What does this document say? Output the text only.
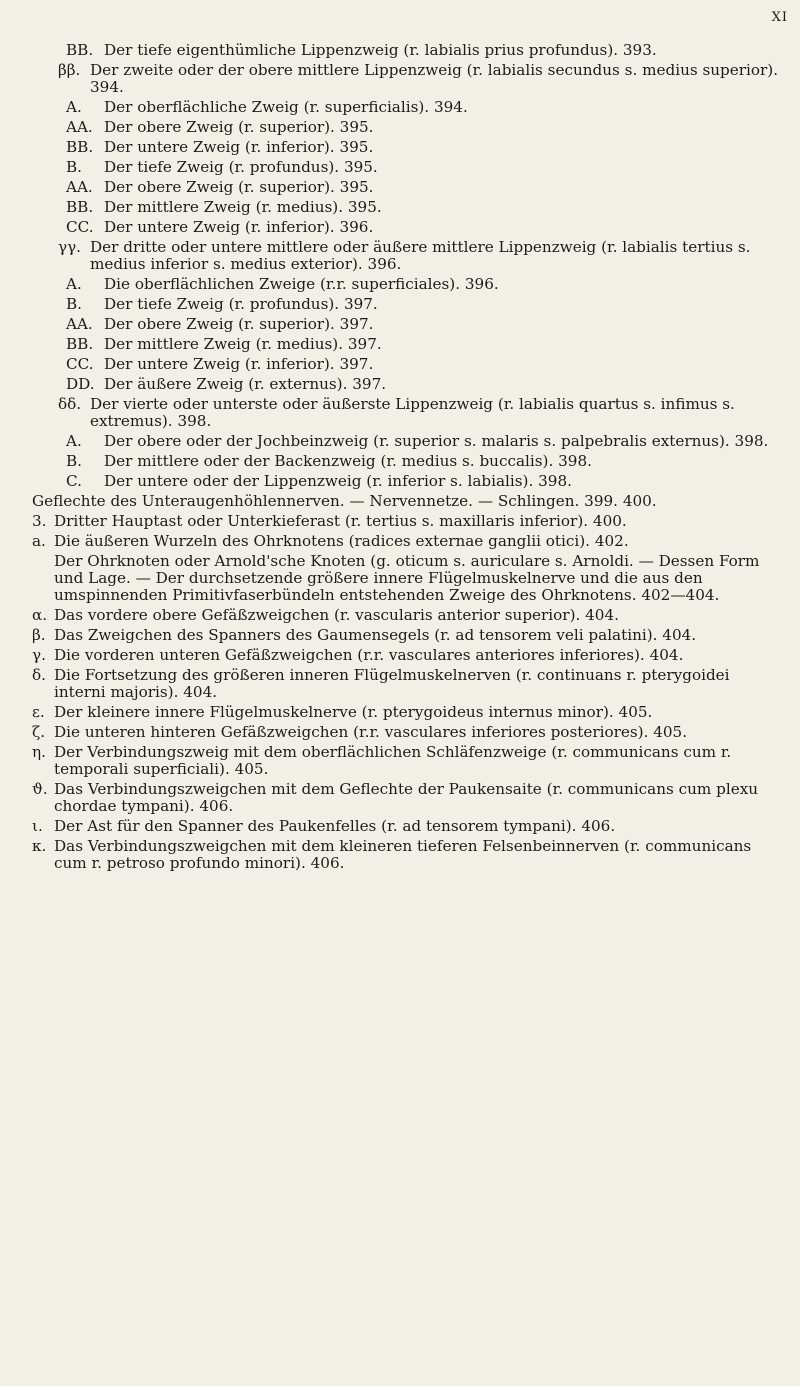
XI
BB. Der tiefe eigenthümliche Lippenzweig (r. labialis prius profundus). 393.
ββ. Der zweite oder der obere mittlere Lippenzweig (r. labialis secundus s. medius superior). 394.
A. Der oberflächliche Zweig (r. superficialis). 394.
AA. Der obere Zweig (r. superior). 395.
BB. Der untere Zweig (r. inferior). 395.
B. Der tiefe Zweig (r. profundus). 395.
AA. Der obere Zweig (r. superior). 395.
BB. Der mittlere Zweig (r. medius). 395.
CC. Der untere Zweig (r. inferior). 396.
γγ. Der dritte oder untere mittlere oder äußere mittlere Lippenzweig (r. labialis tertius s. medius inferior s. medius exterior). 396.
A. Die oberflächlichen Zweige (r.r. superficiales). 396.
B. Der tiefe Zweig (r. profundus). 397.
AA. Der obere Zweig (r. superior). 397.
BB. Der mittlere Zweig (r. medius). 397.
CC. Der untere Zweig (r. inferior). 397.
DD. Der äußere Zweig (r. externus). 397.
δδ. Der vierte oder unterste oder äußerste Lippenzweig (r. labialis quartus s. infimus s. extremus). 398.
A. Der obere oder der Jochbeinzweig (r. superior s. malaris s. palpebralis externus). 398.
B. Der mittlere oder der Backenzweig (r. medius s. buccalis). 398.
C. Der untere oder der Lippenzweig (r. inferior s. labialis). 398.
Geflechte des Unteraugenhöhlennerven. — Nervennetze. — Schlingen. 399. 400.
3. Dritter Hauptast oder Unterkieferast (r. tertius s. maxillaris inferior). 400.
a. Die äußeren Wurzeln des Ohrknotens (radices externae ganglii otici). 402.
Der Ohrknoten oder Arnold'sche Knoten (g. oticum s. auriculare s. Arnoldi. — Dessen Form und Lage. — Der durchsetzende größere innere Flügelmuskelnerve und die aus den umspinnenden Primitivfaserbündeln entstehenden Zweige des Ohrknotens. 402—404.
α. Das vordere obere Gefäßzweigchen (r. vascularis anterior superior). 404.
β. Das Zweigchen des Spanners des Gaumensegels (r. ad tensorem veli palatini). 404.
γ. Die vorderen unteren Gefäßzweigchen (r.r. vasculares anteriores inferiores). 404.
δ. Die Fortsetzung des größeren inneren Flügelmuskelnerven (r. continuans r. pterygoidei interni majoris). 404.
ε. Der kleinere innere Flügelmuskelnerve (r. pterygoideus internus minor). 405.
ζ. Die unteren hinteren Gefäßzweigchen (r.r. vasculares inferiores posteriores). 405.
η. Der Verbindungszweig mit dem oberflächlichen Schläfenzweige (r. communicans cum r. temporali superficiali). 405.
ϑ. Das Verbindungszweigchen mit dem Geflechte der Paukensaite (r. communicans cum plexu chordae tympani). 406.
ι. Der Ast für den Spanner des Paukenfelles (r. ad tensorem tympani). 406.
κ. Das Verbindungszweigchen mit dem kleineren tieferen Felsenbeinnerven (r. communicans cum r. petroso profundo minori). 406.
